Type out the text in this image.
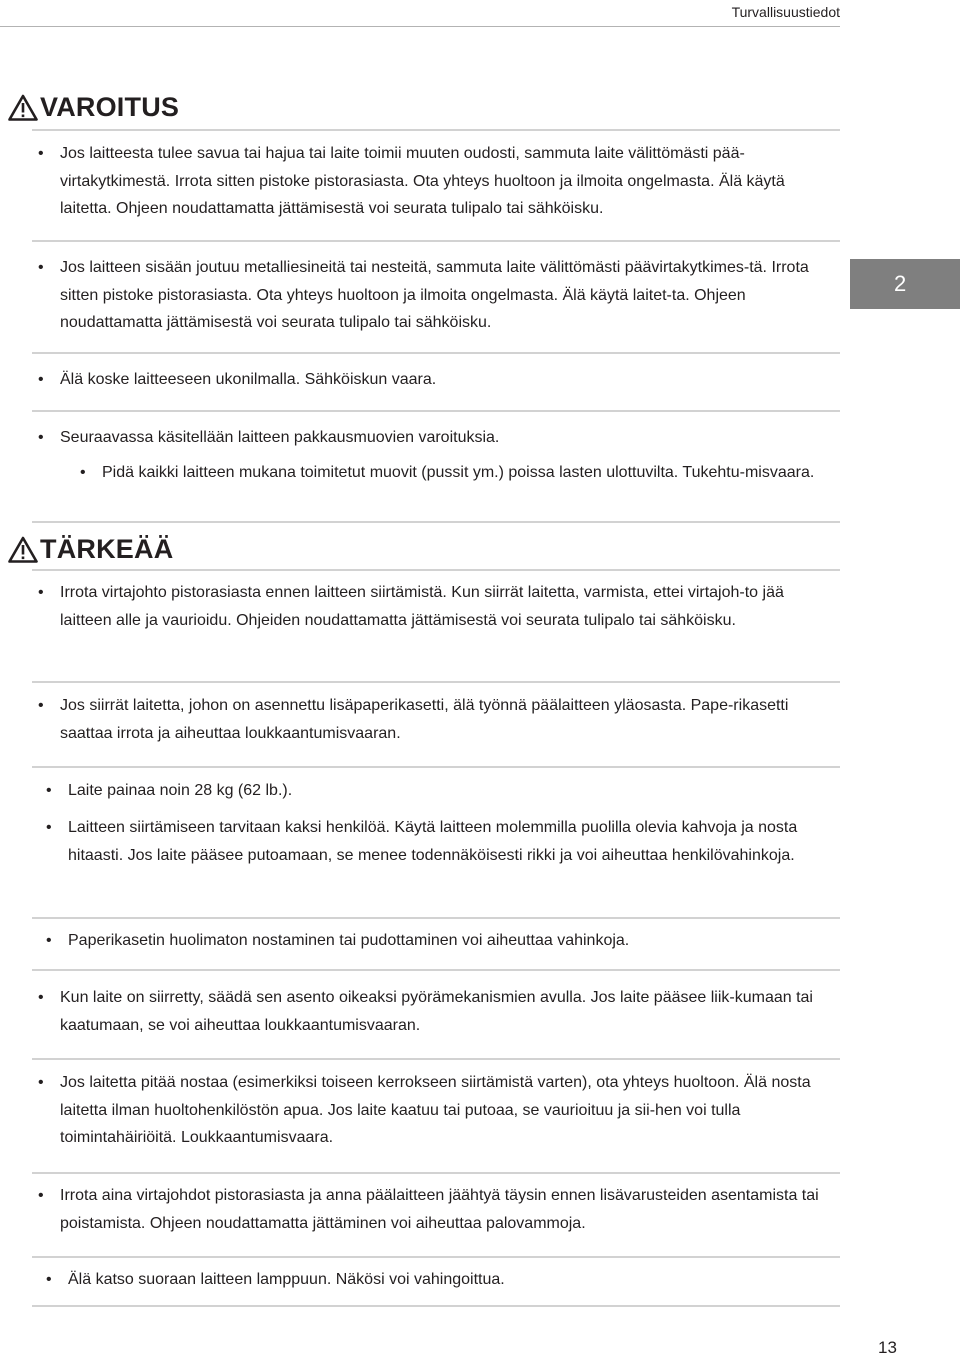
Turvallisuustiedot
2
VAROITUS
•	Jos laitteesta tulee savua tai hajua tai laite toimii muuten oudosti, sammuta laite välittömästi pää-virtakytkimestä. Irrota sitten pistoke pistorasiasta. Ota yhteys huoltoon ja ilmoita ongelmasta. Älä käytä laitetta. Ohjeen noudattamatta jättämisestä voi seurata tulipalo tai sähköisku.
•	Jos laitteen sisään joutuu metalliesineitä tai nesteitä, sammuta laite välittömästi päävirtakytkimes-tä. Irrota sitten pistoke pistorasiasta. Ota yhteys huoltoon ja ilmoita ongelmasta. Älä käytä laitet-ta. Ohjeen noudattamatta jättämisestä voi seurata tulipalo tai sähköisku.
•	Älä koske laitteeseen ukonilmalla. Sähköiskun vaara.
•	Seuraavassa käsitellään laitteen pakkausmuovien varoituksia.
•	Pidä kaikki laitteen mukana toimitetut muovit (pussit ym.) poissa lasten ulottuvilta. Tukehtu-misvaara.
TÄRKEÄÄ
•	Irrota virtajohto pistorasiasta ennen laitteen siirtämistä. Kun siirrät laitetta, varmista, ettei virtajoh-to jää laitteen alle ja vaurioidu. Ohjeiden noudattamatta jättämisestä voi seurata tulipalo tai sähköisku.
•	Jos siirrät laitetta, johon on asennettu lisäpaperikasetti, älä työnnä päälaitteen yläosasta. Pape-rikasetti saattaa irrota ja aiheuttaa loukkaantumisvaaran.
•	Laite painaa noin 28 kg (62 lb.).
•	Laitteen siirtämiseen tarvitaan kaksi henkilöä. Käytä laitteen molemmilla puolilla olevia kahvoja ja nosta hitaasti. Jos laite pääsee putoamaan, se menee todennäköisesti rikki ja voi aiheuttaa henkilövahinkoja.
•	Paperikasetin huolimaton nostaminen tai pudottaminen voi aiheuttaa vahinkoja.
•	Kun laite on siirretty, säädä sen asento oikeaksi pyörämekanismien avulla. Jos laite pääsee liik-kumaan tai kaatumaan, se voi aiheuttaa loukkaantumisvaaran.
•	Jos laitetta pitää nostaa (esimerkiksi toiseen kerrokseen siirtämistä varten), ota yhteys huoltoon. Älä nosta laitetta ilman huoltohenkilöstön apua. Jos laite kaatuu tai putoaa, se vaurioituu ja sii-hen voi tulla toimintahäiriöitä. Loukkaantumisvaara.
•	Irrota aina virtajohdot pistorasiasta ja anna päälaitteen jäähtyä täysin ennen lisävarusteiden asentamista tai poistamista. Ohjeen noudattamatta jättäminen voi aiheuttaa palovammoja.
•	Älä katso suoraan laitteen lamppuun. Näkösi voi vahingoittua.
13
